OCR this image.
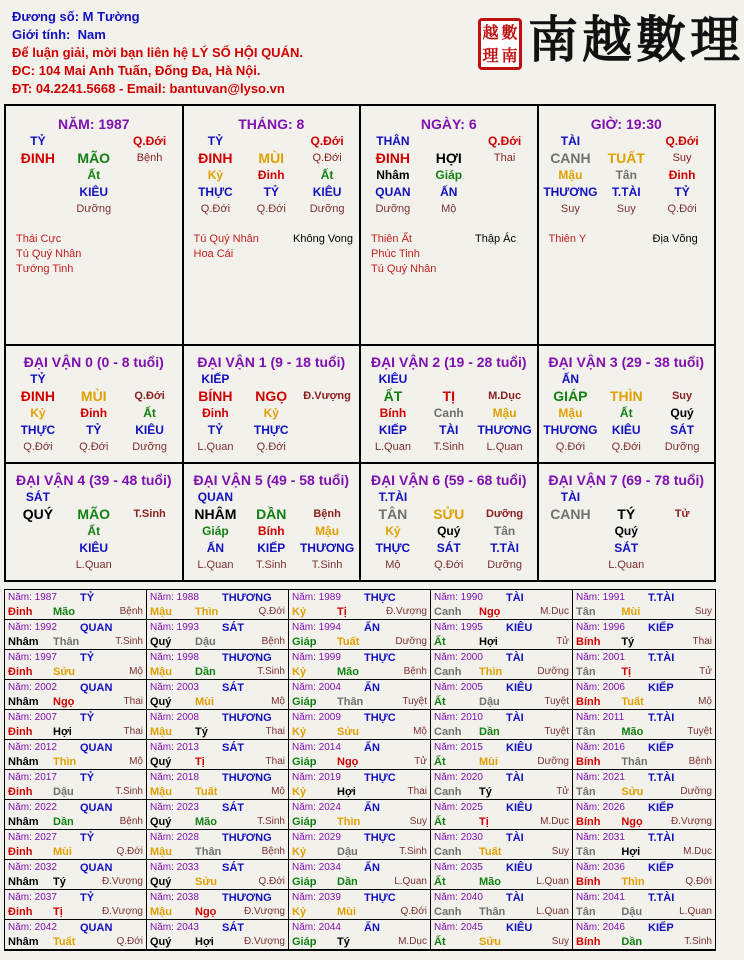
Đương số: M Tường
Giới tính: Nam
Để luận giải, mời bạn liên hệ LÝ SỐ HỘI QUÁN.
ĐC: 104 Mai Anh Tuấn, Đống Đa, Hà Nội.
ĐT: 04.2241.5668 - Email: bantuvan@lyso.vn
越 數
理 南 南越數理
NĂM: 1987
TỶ	Q.Đới
ĐINH	MÃO	Bệnh
Ất
KIÊU
Dưỡng
Thái Cực
Tú Quý Nhân
Tướng Tinh
THÁNG: 8
TỶ	Q.Đới
ĐINH	MÙI	Q.Đới
Kỷ	Đinh	Ất
THỰC	TỶ	KIÊU
Q.Đới	Q.Đới	Dưỡng
Tú Quý Nhân	Không Vong
Hoa Cái
NGÀY: 6
THÂN	Q.Đới
ĐINH	HỢI	Thai
Nhâm	Giáp
QUAN	ẤN
Dưỡng	Mộ
Thiên Ất	Thập Ác
Phúc Tinh
Tú Quý Nhân
GIỜ: 19:30
TÀI	Q.Đới
CANH	TUẤT	Suy
Mậu	Tân	Đinh
THƯƠNG	T.TÀI	TỶ
Suy	Suy	Q.Đới
Thiên Y	Địa Võng
ĐẠI VẬN 0 (0 - 8 tuổi)
TỶ
ĐINH	MÙI	Q.Đới
Kỷ	Đinh	Ất
THỰC	TỶ	KIÊU
Q.Đới	Q.Đới	Dưỡng
ĐẠI VẬN 1 (9 - 18 tuổi)
KIẾP
BÍNH	NGỌ	Đ.Vượng
Đinh	Kỷ
TỶ	THỰC
L.Quan	Q.Đới
ĐẠI VẬN 2 (19 - 28 tuổi)
KIÊU
ẤT	TỊ	M.Dục
Bính	Canh	Mậu
KIẾP	TÀI	THƯƠNG
L.Quan	T.Sinh	L.Quan
ĐẠI VẬN 3 (29 - 38 tuổi)
ẤN
GIÁP	THÌN	Suy
Mậu	Ất	Quý
THƯƠNG	KIÊU	SÁT
Q.Đới	Q.Đới	Dưỡng
ĐẠI VẬN 4 (39 - 48 tuổi)
SÁT
QUÝ	MÃO	T.Sinh
Ất
KIÊU
L.Quan
ĐẠI VẬN 5 (49 - 58 tuổi)
QUAN
NHÂM	DẦN	Bệnh
Giáp	Bính	Mậu
ẤN	KIẾP	THƯƠNG
L.Quan	T.Sinh	T.Sinh
ĐẠI VẬN 6 (59 - 68 tuổi)
T.TÀI
TÂN	SỬU	Dưỡng
Kỷ	Quý	Tân
THỰC	SÁT	T.TÀI
Mộ	Q.Đới	Dưỡng
ĐẠI VẬN 7 (69 - 78 tuổi)
TÀI
CANH	TÝ	Tử
Quý
SÁT
L.Quan
Năm: 1987	TỶ
Đinh	Mão	Bệnh
Năm: 1988	THƯƠNG
Mậu	Thìn	Q.Đới
Năm: 1989	THỰC
Kỷ	Tị	Đ.Vượng
Năm: 1990	TÀI
Canh	Ngọ	M.Dục
Năm: 1991	T.TÀI
Tân	Mùi	Suy
Năm: 1992	QUAN
Nhâm	Thân	T.Sinh
Năm: 1993	SÁT
Quý	Dậu	Bệnh
Năm: 1994	ẤN
Giáp	Tuất	Dưỡng
Năm: 1995	KIÊU
Ất	Hợi	Tử
Năm: 1996	KIẾP
Bính	Tý	Thai
Năm: 1997	TỶ
Đinh	Sửu	Mộ
Năm: 1998	THƯƠNG
Mậu	Dần	T.Sinh
Năm: 1999	THỰC
Kỷ	Mão	Bệnh
Năm: 2000	TÀI
Canh	Thìn	Dưỡng
Năm: 2001	T.TÀI
Tân	Tị	Tử
Năm: 2002	QUAN
Nhâm	Ngọ	Thai
Năm: 2003	SÁT
Quý	Mùi	Mộ
Năm: 2004	ẤN
Giáp	Thân	Tuyệt
Năm: 2005	KIÊU
Ất	Dậu	Tuyệt
Năm: 2006	KIẾP
Bính	Tuất	Mộ
Năm: 2007	TỶ
Đinh	Hợi	Thai
Năm: 2008	THƯƠNG
Mậu	Tý	Thai
Năm: 2009	THỰC
Kỷ	Sửu	Mộ
Năm: 2010	TÀI
Canh	Dần	Tuyệt
Năm: 2011	T.TÀI
Tân	Mão	Tuyệt
Năm: 2012	QUAN
Nhâm	Thìn	Mộ
Năm: 2013	SÁT
Quý	Tị	Thai
Năm: 2014	ẤN
Giáp	Ngọ	Tử
Năm: 2015	KIÊU
Ất	Mùi	Dưỡng
Năm: 2016	KIẾP
Bính	Thân	Bệnh
Năm: 2017	TỶ
Đinh	Dậu	T.Sinh
Năm: 2018	THƯƠNG
Mậu	Tuất	Mộ
Năm: 2019	THỰC
Kỷ	Hợi	Thai
Năm: 2020	TÀI
Canh	Tý	Tử
Năm: 2021	T.TÀI
Tân	Sửu	Dưỡng
Năm: 2022	QUAN
Nhâm	Dần	Bệnh
Năm: 2023	SÁT
Quý	Mão	T.Sinh
Năm: 2024	ẤN
Giáp	Thìn	Suy
Năm: 2025	KIÊU
Ất	Tị	M.Dục
Năm: 2026	KIẾP
Bính	Ngọ	Đ.Vượng
Năm: 2027	TỶ
Đinh	Mùi	Q.Đới
Năm: 2028	THƯƠNG
Mậu	Thân	Bệnh
Năm: 2029	THỰC
Kỷ	Dậu	T.Sinh
Năm: 2030	TÀI
Canh	Tuất	Suy
Năm: 2031	T.TÀI
Tân	Hợi	M.Dục
Năm: 2032	QUAN
Nhâm	Tý	Đ.Vượng
Năm: 2033	SÁT
Quý	Sửu	Q.Đới
Năm: 2034	ẤN
Giáp	Dần	L.Quan
Năm: 2035	KIÊU
Ất	Mão	L.Quan
Năm: 2036	KIẾP
Bính	Thìn	Q.Đới
Năm: 2037	TỶ
Đinh	Tị	Đ.Vượng
Năm: 2038	THƯƠNG
Mậu	Ngọ	Đ.Vượng
Năm: 2039	THỰC
Kỷ	Mùi	Q.Đới
Năm: 2040	TÀI
Canh	Thân	L.Quan
Năm: 2041	T.TÀI
Tân	Dậu	L.Quan
Năm: 2042	QUAN
Nhâm	Tuất	Q.Đới
Năm: 2043	SÁT
Quý	Hợi	Đ.Vượng
Năm: 2044	ẤN
Giáp	Tý	M.Dục
Năm: 2045	KIÊU
Ất	Sửu	Suy
Năm: 2046	KIẾP
Bính	Dần	T.Sinh
